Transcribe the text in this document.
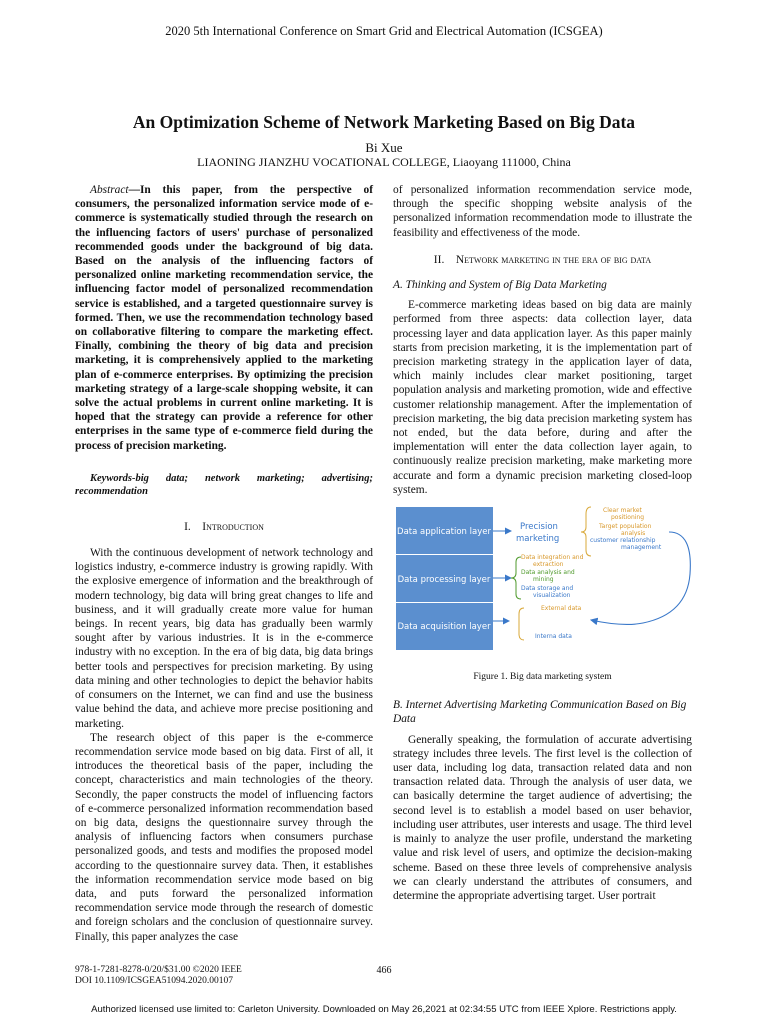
2020 5th International Conference on Smart Grid and Electrical Automation (ICSGEA)
An Optimization Scheme of Network Marketing Based on Big Data
Bi Xue
LIAONING JIANZHU VOCATIONAL COLLEGE, Liaoyang 111000, China

Abstract—In this paper, from the perspective of consumers, the personalized information service mode of e-commerce is systematically studied through the research on the influencing factors of users' purchase of personalized recommended goods under the background of big data. Based on the analysis of the influencing factors of personalized online marketing recommendation service, the influencing factor model of personalized recommendation service is established, and a targeted questionnaire survey is formed. Then, we use the recommendation technology based on collaborative filtering to compare the marketing effect. Finally, combining the theory of big data and precision marketing, it is comprehensively applied to the marketing plan of e-commerce enterprises. By optimizing the precision marketing strategy of a large-scale shopping website, it can solve the actual problems in current online marketing. It is hoped that the strategy can provide a reference for other enterprises in the same type of e-commerce field during the process of precision marketing.

Keywords-big data; network marketing; advertising; recommendation

I. Introduction

With the continuous development of network technology and logistics industry, e-commerce industry is growing rapidly. With the explosive emergence of information and the breakthrough of modern technology, big data will bring great changes to life and business, and it will gradually create more value for human beings. In recent years, big data has gradually been warmly sought after by various industries. It is in the e-commerce industry with no exception. In the era of big data, big data brings better tools and perspectives for precision marketing. By using data mining and other technologies to depict the behavior habits of consumers on the Internet, we can find and use the business value behind the data, and achieve more precise positioning and marketing.

The research object of this paper is the e-commerce recommendation service mode based on big data. First of all, it introduces the theoretical basis of the paper, including the concept, characteristics and main technologies of the theory. Secondly, the paper constructs the model of influencing factors of e-commerce personalized information recommendation based on big data, designs the questionnaire survey through the analysis of influencing factors when consumers purchase personalized goods, and tests and modifies the proposed model according to the questionnaire survey data. Then, it establishes the information recommendation service mode based on big data, and puts forward the personalized information recommendation service mode through the research of domestic and foreign scholars and the conclusion of questionnaire survey. Finally, this paper analyzes the case

of personalized information recommendation service mode, through the specific shopping website analysis of the personalized information recommendation mode to illustrate the feasibility and effectiveness of the mode.

II. Network marketing in the era of big data

A. Thinking and System of Big Data Marketing

E-commerce marketing ideas based on big data are mainly performed from three aspects: data collection layer, data processing layer and data application layer. As this paper mainly starts from precision marketing, it is the implementation part of precision marketing strategy in the application layer of data, which mainly includes clear market positioning, target population analysis and marketing promotion, wide and effective customer relationship management. After the implementation of precision marketing, the big data precision marketing system has not ended, but the data before, during and after the implementation will enter the data collection layer again, to continuously realize precision marketing, make marketing more accurate and form a dynamic precision marketing closed-loop system.

Data application layer
Data processing layer
Data acquisition layer
Precision
marketing
Clear market
positioning
Target population
analysis
customer relationship
management
Data integration and
extraction
Data analysis and
mining
Data storage and
visualization
External data
Interna data

Figure 1. Big data marketing system

B. Internet Advertising Marketing Communication Based on Big Data

Generally speaking, the formulation of accurate advertising strategy includes three levels. The first level is the collection of user data, including log data, transaction related data and non transaction related data. Through the analysis of user data, we can basically determine the target audience of advertising; the second level is to establish a model based on user behavior, including user attributes, user interests and usage. The third level is mainly to analyze the user profile, understand the marketing value and risk level of users, and optimize the decision-making scheme. Based on these three levels of comprehensive analysis we can clearly understand the attributes of consumers, and determine the appropriate advertising target. User portrait

978-1-7281-8278-0/20/$31.00 ©2020 IEEE
DOI 10.1109/ICSGEA51094.2020.00107
466
Authorized licensed use limited to: Carleton University. Downloaded on May 26,2021 at 02:34:55 UTC from IEEE Xplore. Restrictions apply.
